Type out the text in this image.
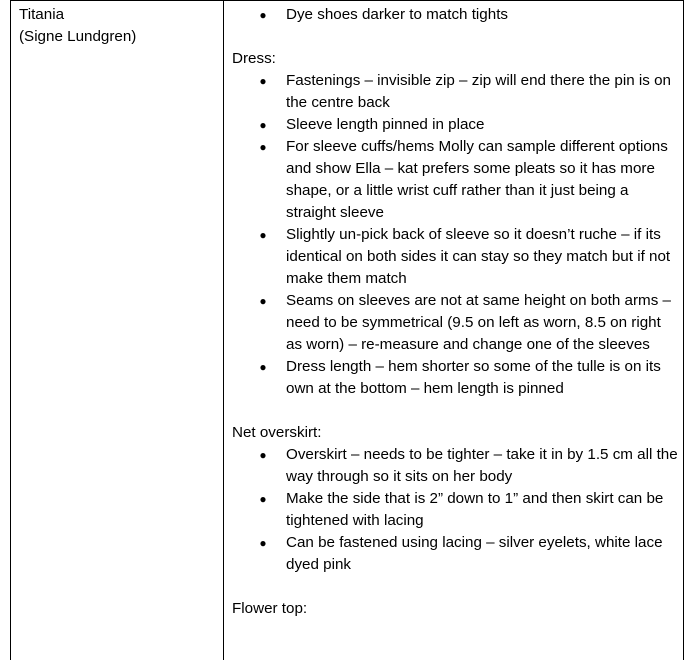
Titania
(Signe Lundgren)
● Dye shoes darker to match tights
Dress:
● Fastenings – invisible zip – zip will end there the pin is on the centre back
● Sleeve length pinned in place
● For sleeve cuffs/hems Molly can sample different options and show Ella – kat prefers some pleats so it has more shape, or a little wrist cuff rather than it just being a straight sleeve
● Slightly un-pick back of sleeve so it doesn’t ruche – if its identical on both sides it can stay so they match but if not make them match
● Seams on sleeves are not at same height on both arms – need to be symmetrical (9.5 on left as worn, 8.5 on right as worn) – re-measure and change one of the sleeves
● Dress length – hem shorter so some of the tulle is on its own at the bottom – hem length is pinned
Net overskirt:
● Overskirt – needs to be tighter – take it in by 1.5 cm all the way through so it sits on her body
● Make the side that is 2” down to 1” and then skirt can be tightened with lacing
● Can be fastened using lacing – silver eyelets, white lace dyed pink
Flower top:
